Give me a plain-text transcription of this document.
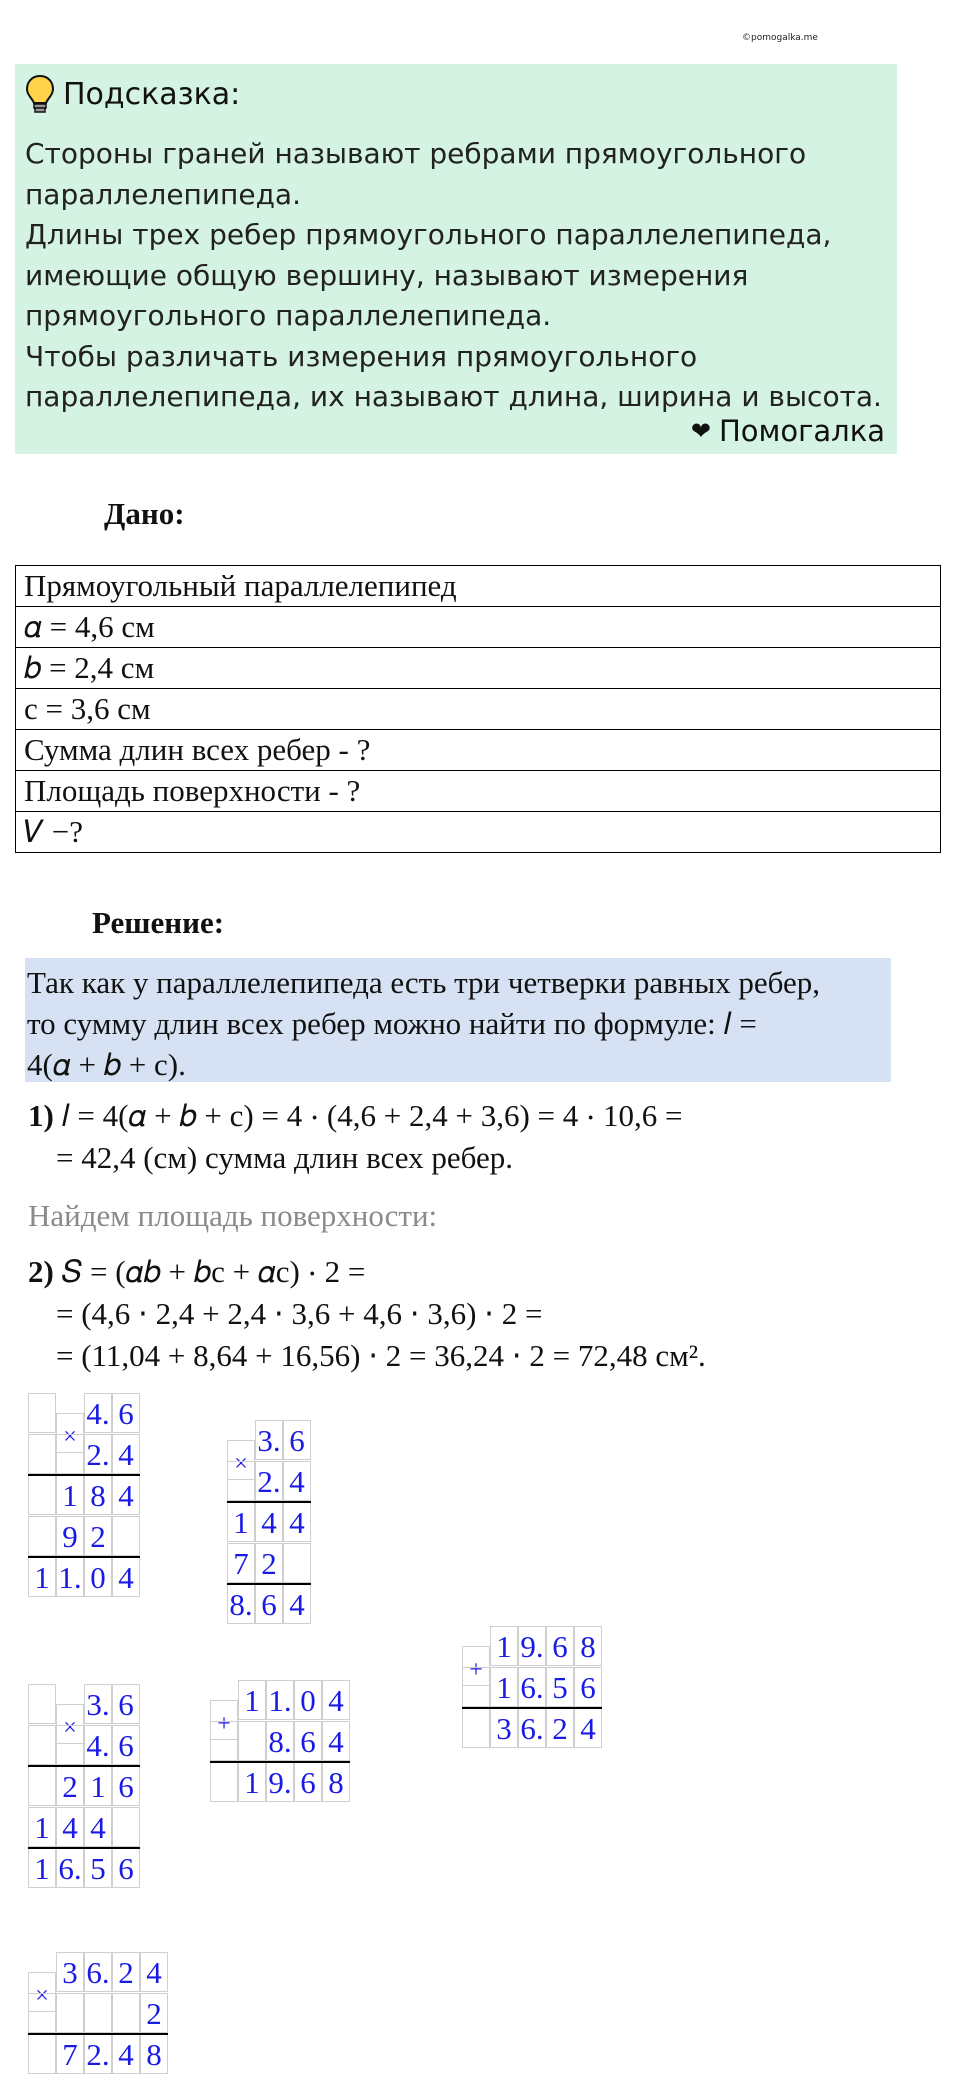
©pomogalka.me
Подсказка:
Стороны граней называют ребрами прямоугольного
параллелепипеда.
Длины трех ребер прямоугольного параллелепипеда,
имеющие общую вершину, называют измерения
прямоугольного параллелепипеда.
Чтобы различать измерения прямоугольного
параллелепипеда, их называют длина, ширина и высота.
❤ Помогалка
Дано:
Прямоугольный параллелепипед
𝛼 = 4,6 см
𝑏 = 2,4 см
с = 3,6 см
Сумма длин всех ребер - ?
Площадь поверхности - ?
𝑉 −?
Решение:
Так как у параллелепипеда есть три четверки равных ребер,
то сумму длин всех ребер можно найти по формуле: 𝑙 =
4(𝛼 + 𝑏 + с).
1) 𝑙 = 4(𝛼 + 𝑏 + с) = 4 ⋅ (4,6 + 2,4 + 3,6) = 4 ⋅ 10,6 =
= 42,4 (см) сумма длин всех ребер.
Найдем площадь поверхности:
2) 𝑆 = (𝛼𝑏 + 𝑏с + 𝛼с) ⋅ 2 =
= (4,6 ⋅ 2,4 + 2,4 ⋅ 3,6 + 4,6 ⋅ 3,6) ⋅ 2 =
= (11,04 + 8,64 + 16,56) ⋅ 2 = 36,24 ⋅ 2 = 72,48 см².
×
4. 6
2. 4
1 8 4
9 2
1 1. 0 4
×
3. 6
2. 4
1 4 4
7 2
8. 6 4
×
3. 6
4. 6
2 1 6
1 4 4
1 6. 5 6
+
1 1. 0 4
8. 6 4
1 9. 6 8
+
1 9. 6 8
1 6. 5 6
3 6. 2 4
×
3 6. 2 4
2
7 2. 4 8
